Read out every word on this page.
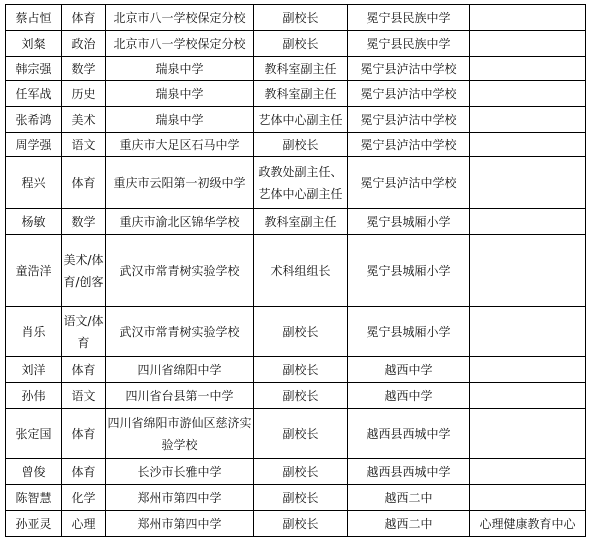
蔡占恒	体育	北京市八一学校保定分校	副校长	冕宁县民族中学	
刘粲	政治	北京市八一学校保定分校	副校长	冕宁县民族中学	
韩宗强	数学	瑞泉中学	教科室副主任	冕宁县泸沽中学校	
任军战	历史	瑞泉中学	教科室副主任	冕宁县泸沽中学校	
张希鸿	美术	瑞泉中学	艺体中心副主任	冕宁县泸沽中学校	
周学强	语文	重庆市大足区石马中学	副校长	冕宁县泸沽中学校	
程兴	体育	重庆市云阳第一初级中学	政教处副主任、艺体中心副主任	冕宁县泸沽中学校	
杨敏	数学	重庆市渝北区锦华学校	教科室副主任	冕宁县城厢小学	
童浩洋	美术/体育/创客	武汉市常青树实验学校	术科组组长	冕宁县城厢小学	
肖乐	语文/体育	武汉市常青树实验学校	副校长	冕宁县城厢小学	
刘洋	体育	四川省绵阳中学	副校长	越西中学	
孙伟	语文	四川省台县第一中学	副校长	越西中学	
张定国	体育	四川省绵阳市游仙区慈济实验学校	副校长	越西县西城中学	
曾俊	体育	长沙市长雅中学	副校长	越西县西城中学	
陈智慧	化学	郑州市第四中学	副校长	越西二中	
孙亚灵	心理	郑州市第四中学	副校长	越西二中	心理健康教育中心
